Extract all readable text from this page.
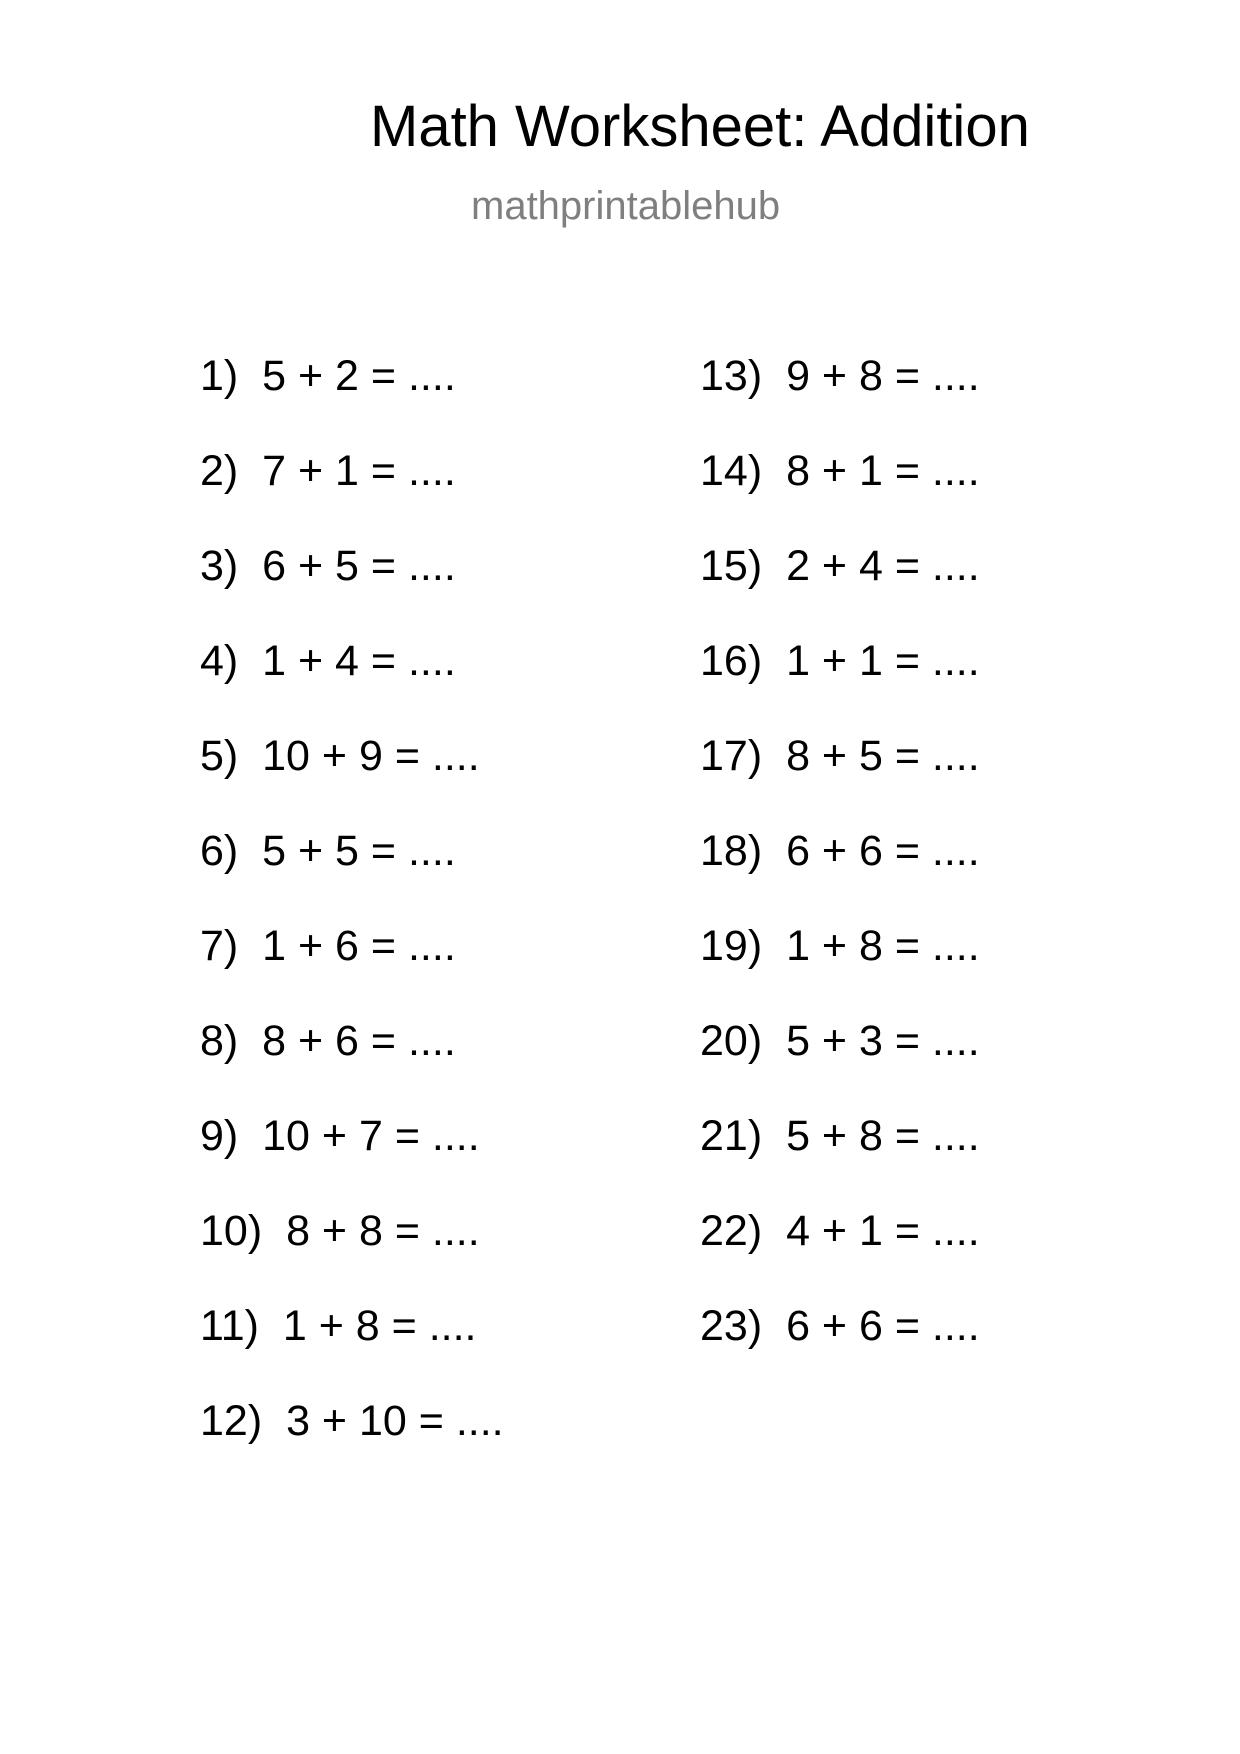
Math Worksheet: Addition
mathprintablehub
1) 5 + 2 = ....
2) 7 + 1 = ....
3) 6 + 5 = ....
4) 1 + 4 = ....
5) 10 + 9 = ....
6) 5 + 5 = ....
7) 1 + 6 = ....
8) 8 + 6 = ....
9) 10 + 7 = ....
10) 8 + 8 = ....
11) 1 + 8 = ....
12) 3 + 10 = ....
13) 9 + 8 = ....
14) 8 + 1 = ....
15) 2 + 4 = ....
16) 1 + 1 = ....
17) 8 + 5 = ....
18) 6 + 6 = ....
19) 1 + 8 = ....
20) 5 + 3 = ....
21) 5 + 8 = ....
22) 4 + 1 = ....
23) 6 + 6 = ....
